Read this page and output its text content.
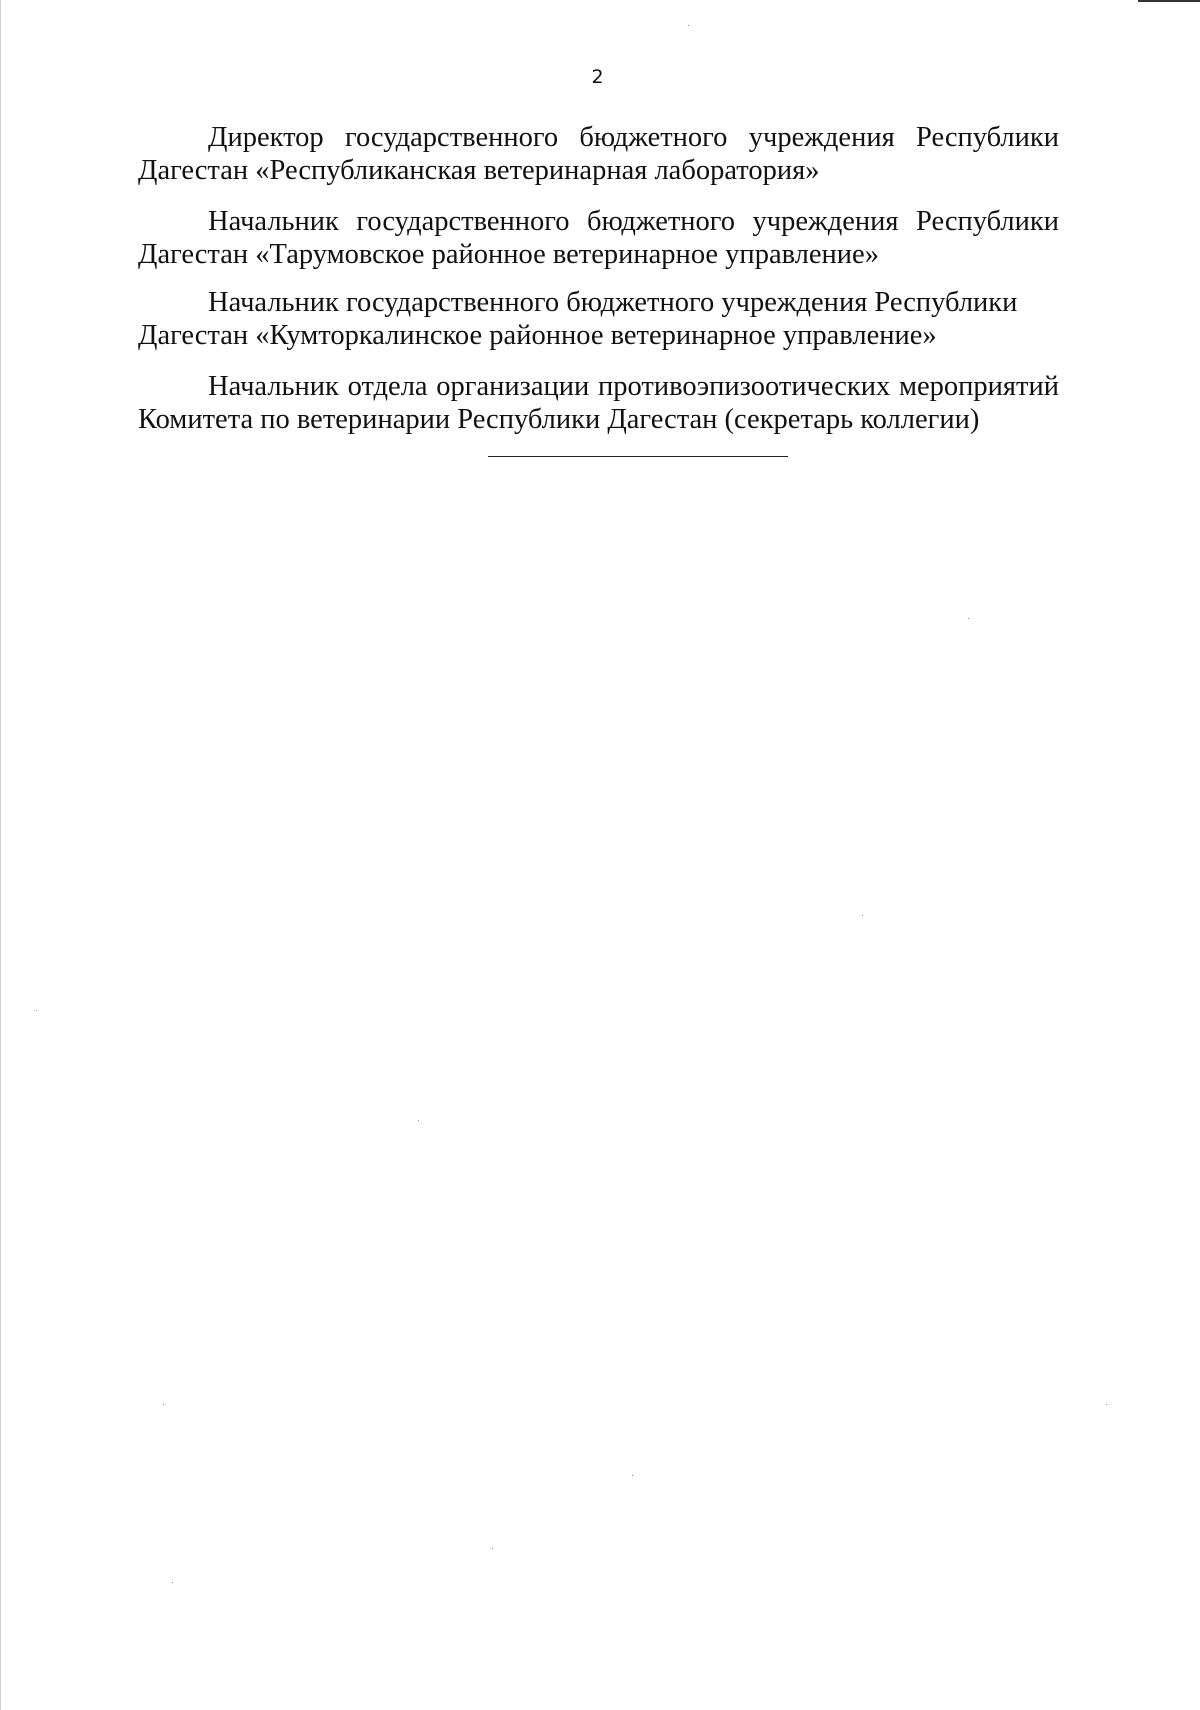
2
Директор государственного бюджетного учреждения Республики
Дагестан «Республиканская ветеринарная лаборатория»
Начальник государственного бюджетного учреждения Республики
Дагестан «Тарумовское районное ветеринарное управление»
Начальник государственного бюджетного учреждения Республики
Дагестан «Кумторкалинское районное ветеринарное управление»
Начальник отдела организации противоэпизоотических мероприятий
Комитета по ветеринарии Республики Дагестан (секретарь коллегии)
